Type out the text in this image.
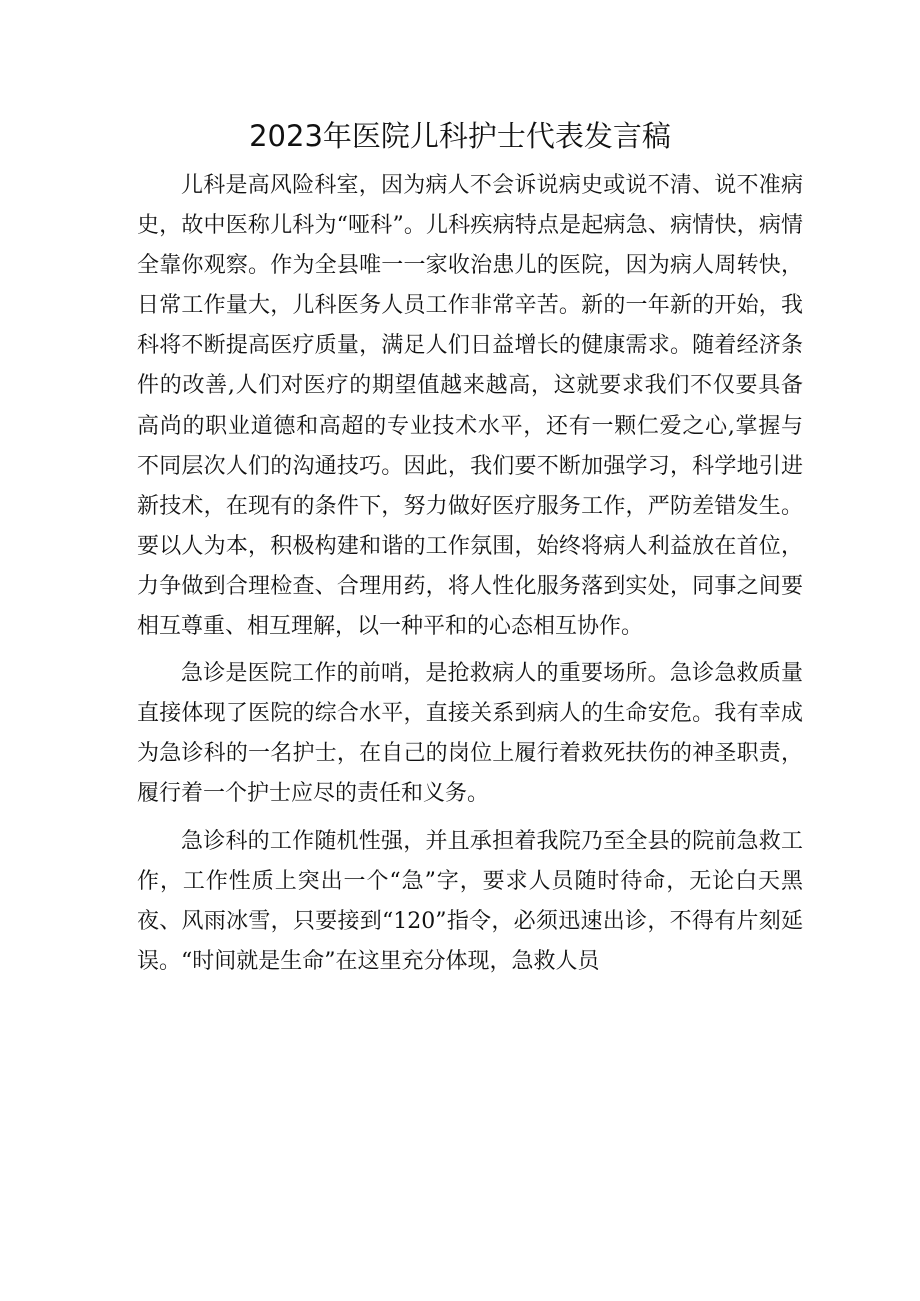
2023年医院儿科护士代表发言稿

儿科是高风险科室，因为病人不会诉说病史或说不清、说不准病史，故中医称儿科为“哑科”。儿科疾病特点是起病急、病情快，病情全靠你观察。作为全县唯一一家收治患儿的医院，因为病人周转快，日常工作量大，儿科医务人员工作非常辛苦。新的一年新的开始，我科将不断提高医疗质量，满足人们日益增长的健康需求。随着经济条件的改善,人们对医疗的期望值越来越高，这就要求我们不仅要具备高尚的职业道德和高超的专业技术水平，还有一颗仁爱之心,掌握与不同层次人们的沟通技巧。因此，我们要不断加强学习，科学地引进新技术，在现有的条件下，努力做好医疗服务工作，严防差错发生。要以人为本，积极构建和谐的工作氛围，始终将病人利益放在首位，力争做到合理检查、合理用药，将人性化服务落到实处，同事之间要相互尊重、相互理解，以一种平和的心态相互协作。

急诊是医院工作的前哨，是抢救病人的重要场所。急诊急救质量直接体现了医院的综合水平，直接关系到病人的生命安危。我有幸成为急诊科的一名护士，在自己的岗位上履行着救死扶伤的神圣职责，履行着一个护士应尽的责任和义务。

急诊科的工作随机性强，并且承担着我院乃至全县的院前急救工作，工作性质上突出一个“急”字，要求人员随时待命，无论白天黑夜、风雨冰雪，只要接到“120”指令，必须迅速出诊，不得有片刻延误。“时间就是生命”在这里充分体现，急救人员
